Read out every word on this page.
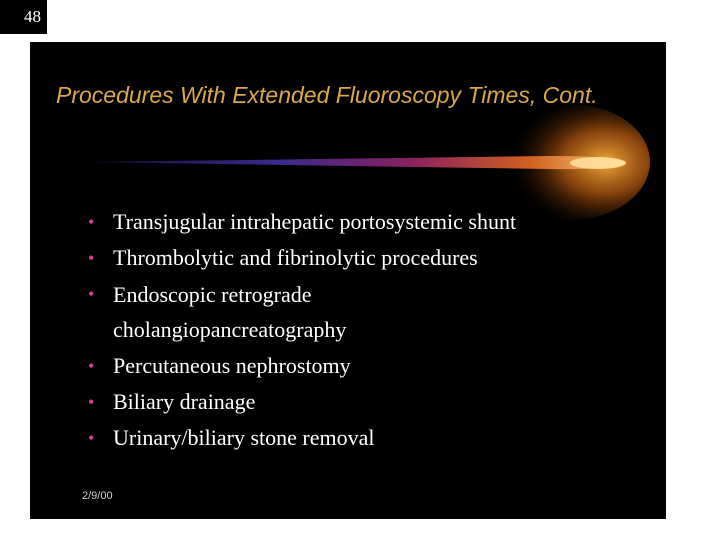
48
Procedures With Extended Fluoroscopy Times, Cont.
• Transjugular intrahepatic portosystemic shunt
• Thrombolytic and fibrinolytic procedures
• Endoscopic retrograde cholangiopancreatography
• Percutaneous nephrostomy
• Biliary drainage
• Urinary/biliary stone removal
2/9/00
